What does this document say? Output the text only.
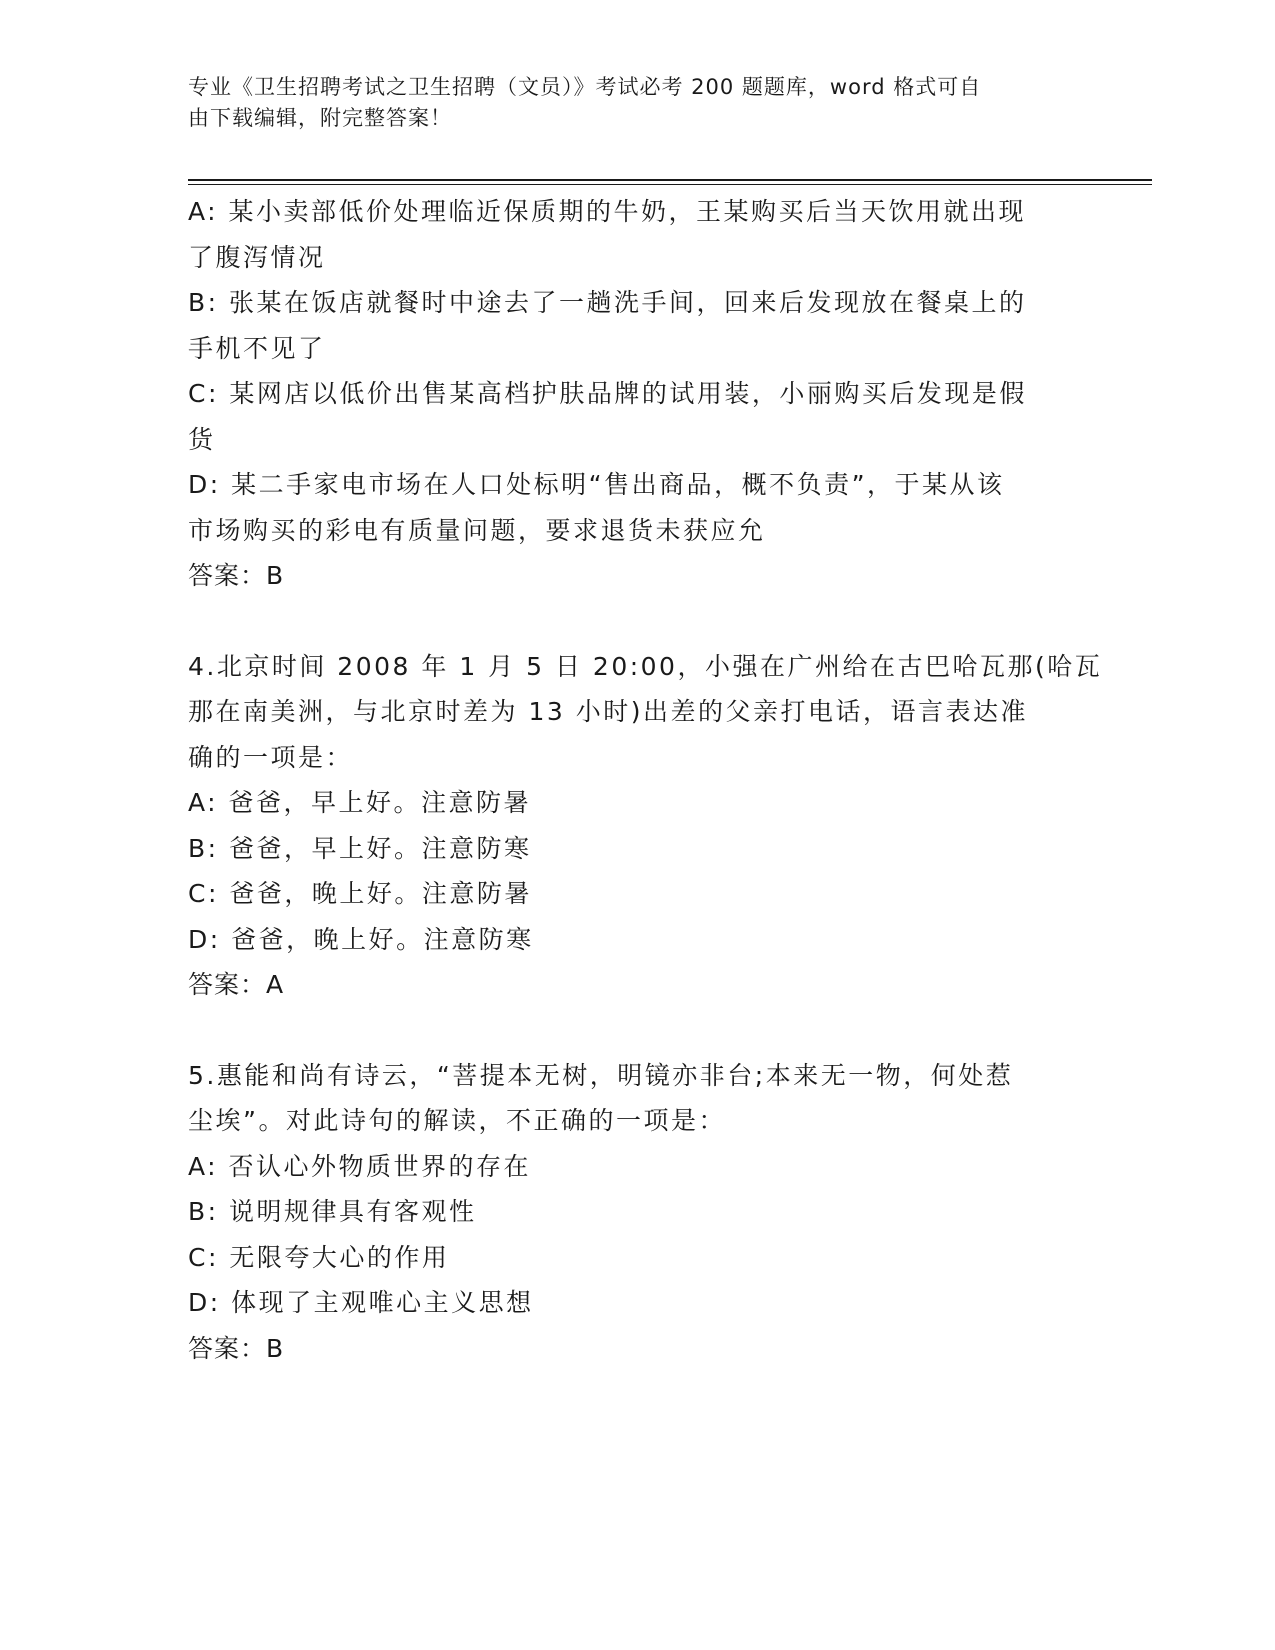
专业《卫生招聘考试之卫生招聘（文员）》考试必考 200 题题库，word 格式可自
由下载编辑，附完整答案！
A: 某小卖部低价处理临近保质期的牛奶，王某购买后当天饮用就出现
了腹泻情况
B: 张某在饭店就餐时中途去了一趟洗手间，回来后发现放在餐桌上的
手机不见了
C: 某网店以低价出售某高档护肤品牌的试用装，小丽购买后发现是假
货
D: 某二手家电市场在人口处标明“售出商品，概不负责”，于某从该
市场购买的彩电有质量问题，要求退货未获应允
答案：B
4.北京时间 2008 年 1 月 5 日 20:00，小强在广州给在古巴哈瓦那(哈瓦
那在南美洲，与北京时差为 13 小时)出差的父亲打电话，语言表达准
确的一项是：
A: 爸爸，早上好。注意防暑
B: 爸爸，早上好。注意防寒
C: 爸爸，晚上好。注意防暑
D: 爸爸，晚上好。注意防寒
答案：A
5.惠能和尚有诗云，“菩提本无树，明镜亦非台;本来无一物，何处惹
尘埃”。对此诗句的解读，不正确的一项是：
A: 否认心外物质世界的存在
B: 说明规律具有客观性
C: 无限夸大心的作用
D: 体现了主观唯心主义思想
答案：B
